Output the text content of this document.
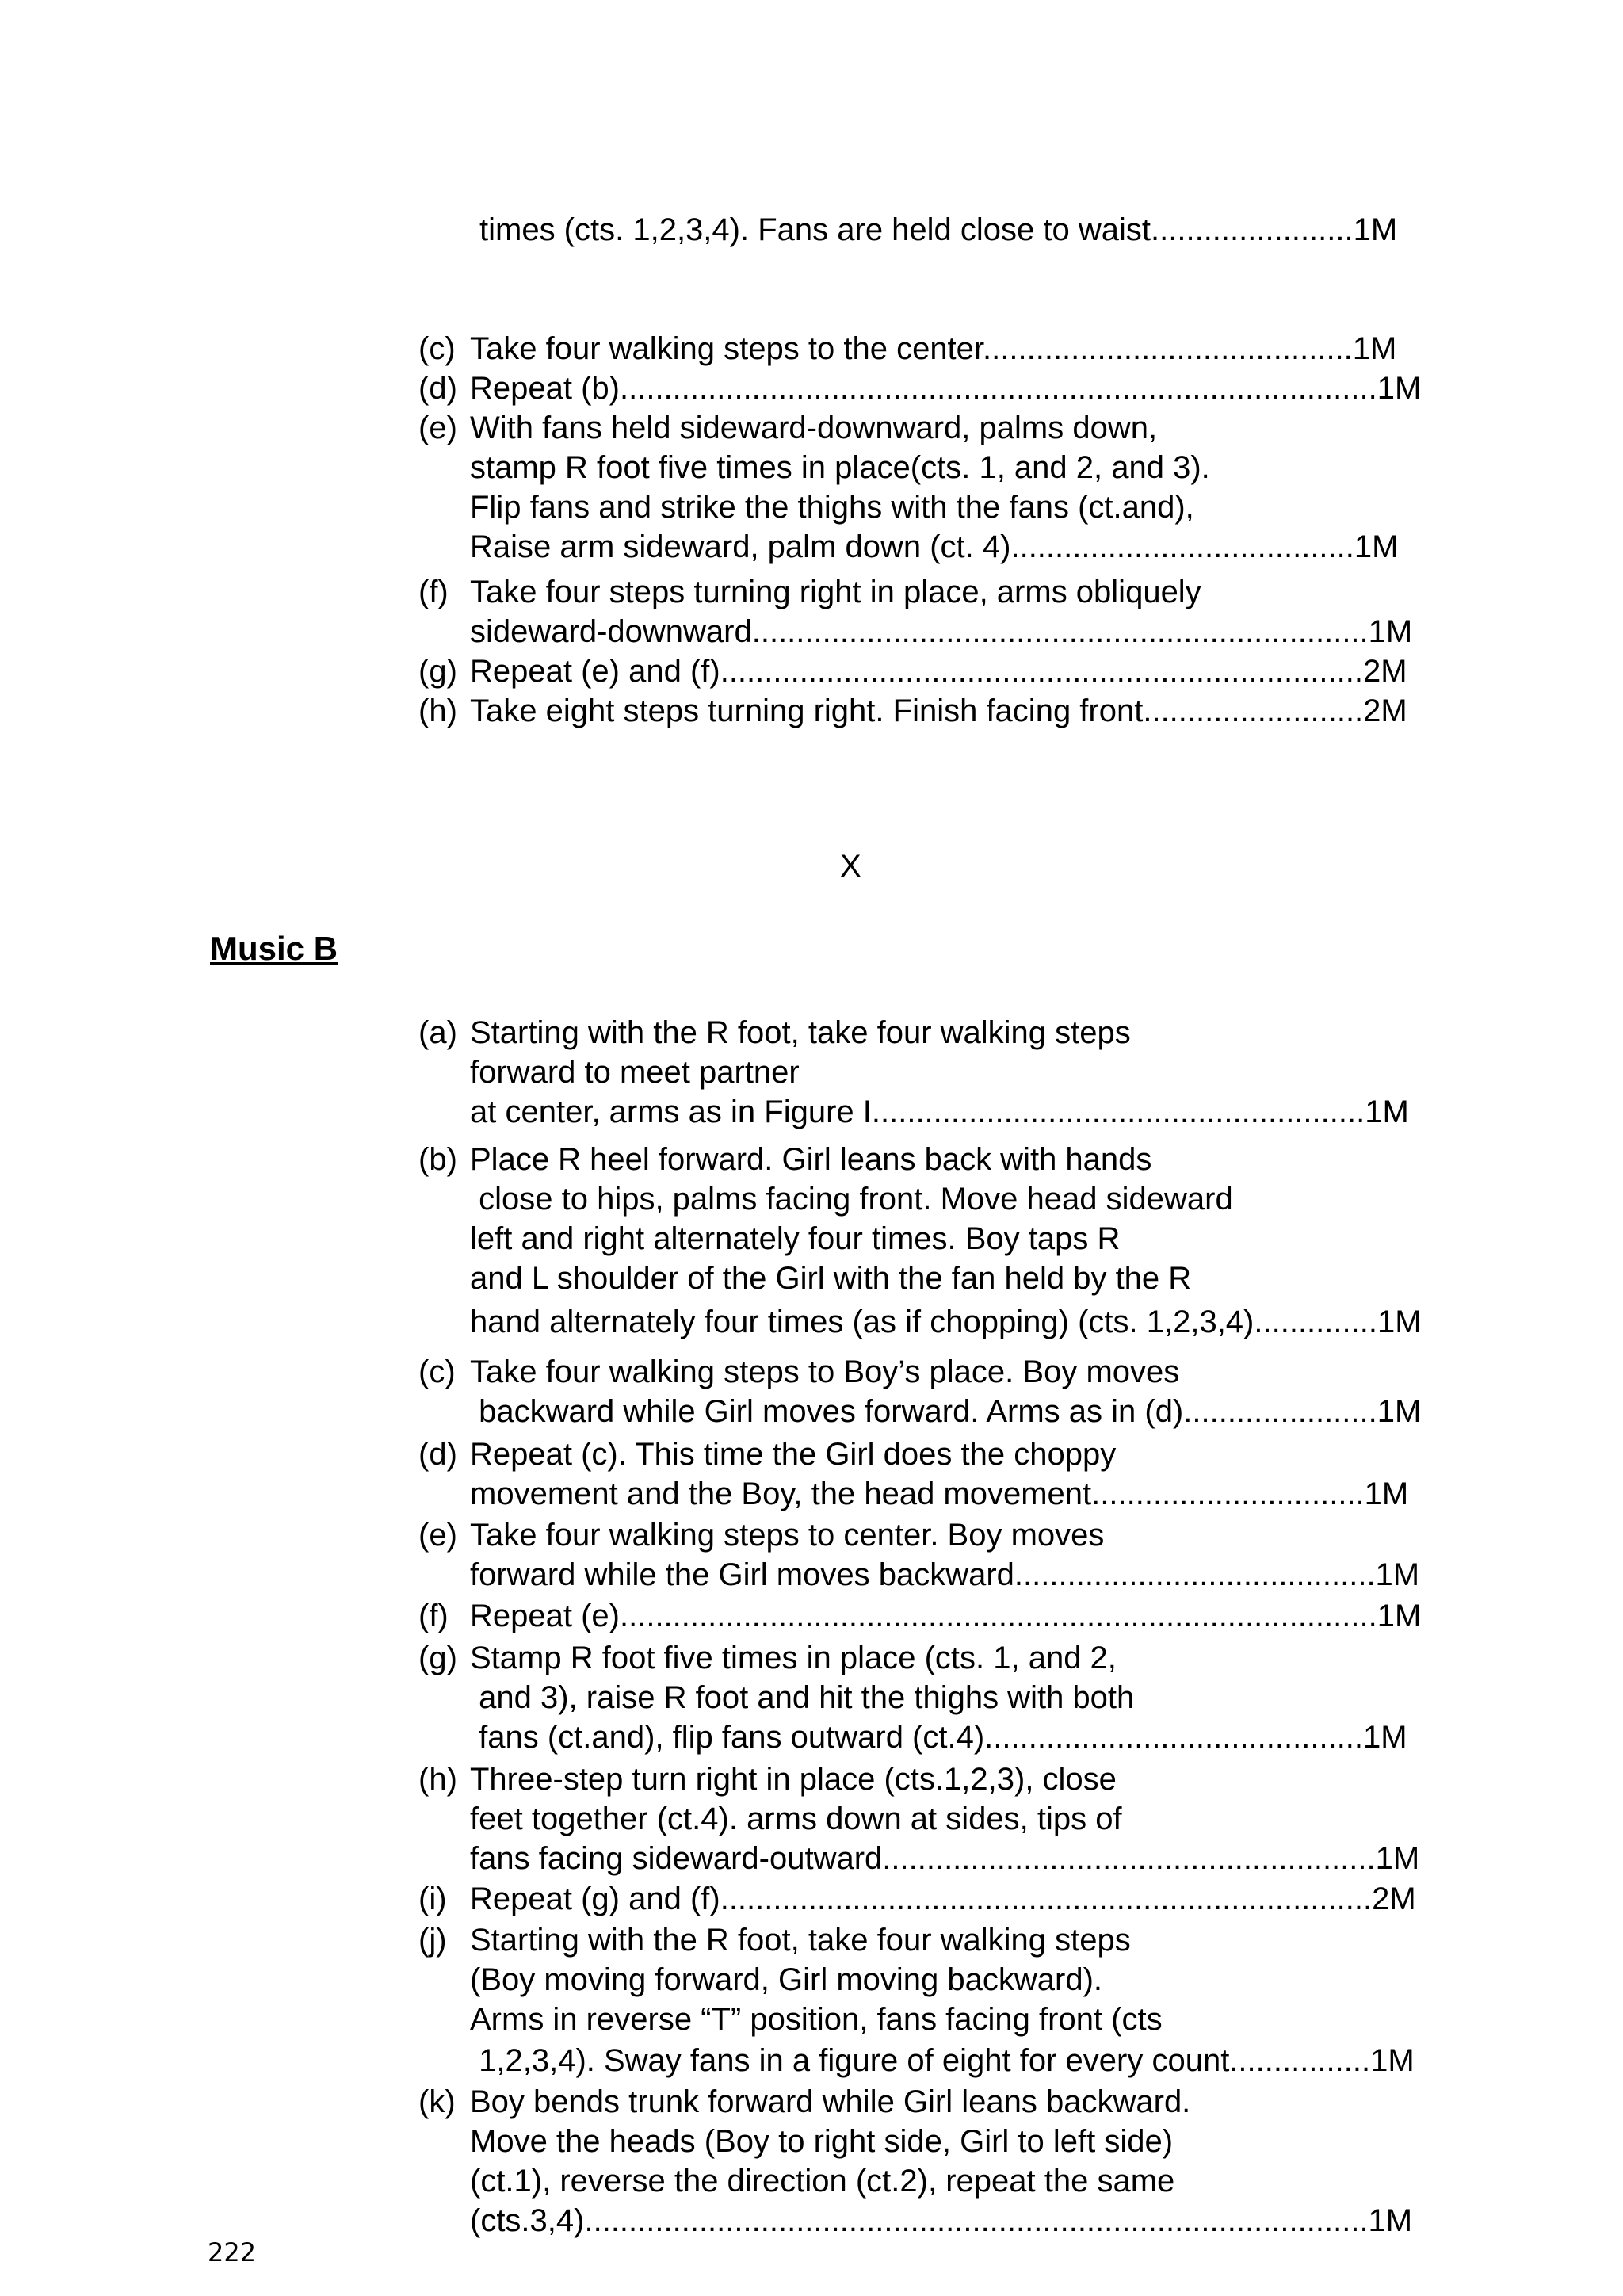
times (cts. 1,2,3,4). Fans are held close to waist.......................1M
(c) Take four walking steps to the center..........................................1M
(d) Repeat (b)......................................................................................1M
(e) With fans held sideward-downward, palms down,
stamp R foot five times in place(cts. 1, and 2, and 3).
Flip fans and strike the thighs with the fans (ct.and),
Raise arm sideward, palm down (ct. 4).......................................1M
(f) Take four steps turning right in place, arms obliquely
sideward-downward......................................................................1M
(g) Repeat (e) and (f).........................................................................2M
(h) Take eight steps turning right. Finish facing front.........................2M
X
Music B
(a) Starting with the R foot, take four walking steps
forward to meet partner
at center, arms as in Figure I........................................................1M
(b) Place R heel forward. Girl leans back with hands
close to hips, palms facing front. Move head sideward
left and right alternately four times. Boy taps R
and L shoulder of the Girl with the fan held by the R
hand alternately four times (as if chopping) (cts. 1,2,3,4)..............1M
(c) Take four walking steps to Boy’s place. Boy moves
backward while Girl moves forward. Arms as in (d)......................1M
(d) Repeat (c). This time the Girl does the choppy
movement and the Boy, the head movement...............................1M
(e) Take four walking steps to center. Boy moves
forward while the Girl moves backward.........................................1M
(f) Repeat (e)......................................................................................1M
(g) Stamp R foot five times in place (cts. 1, and 2,
and 3), raise R foot and hit the thighs with both
fans (ct.and), flip fans outward (ct.4)...........................................1M
(h) Three-step turn right in place (cts.1,2,3), close
feet together (ct.4). arms down at sides, tips of
fans facing sideward-outward........................................................1M
(i) Repeat (g) and (f)..........................................................................2M
(j) Starting with the R foot, take four walking steps
(Boy moving forward, Girl moving backward).
Arms in reverse “T” position, fans facing front (cts
1,2,3,4). Sway fans in a figure of eight for every count................1M
(k) Boy bends trunk forward while Girl leans backward.
Move the heads (Boy to right side, Girl to left side)
(ct.1), reverse the direction (ct.2), repeat the same
(cts.3,4).........................................................................................1M
222
